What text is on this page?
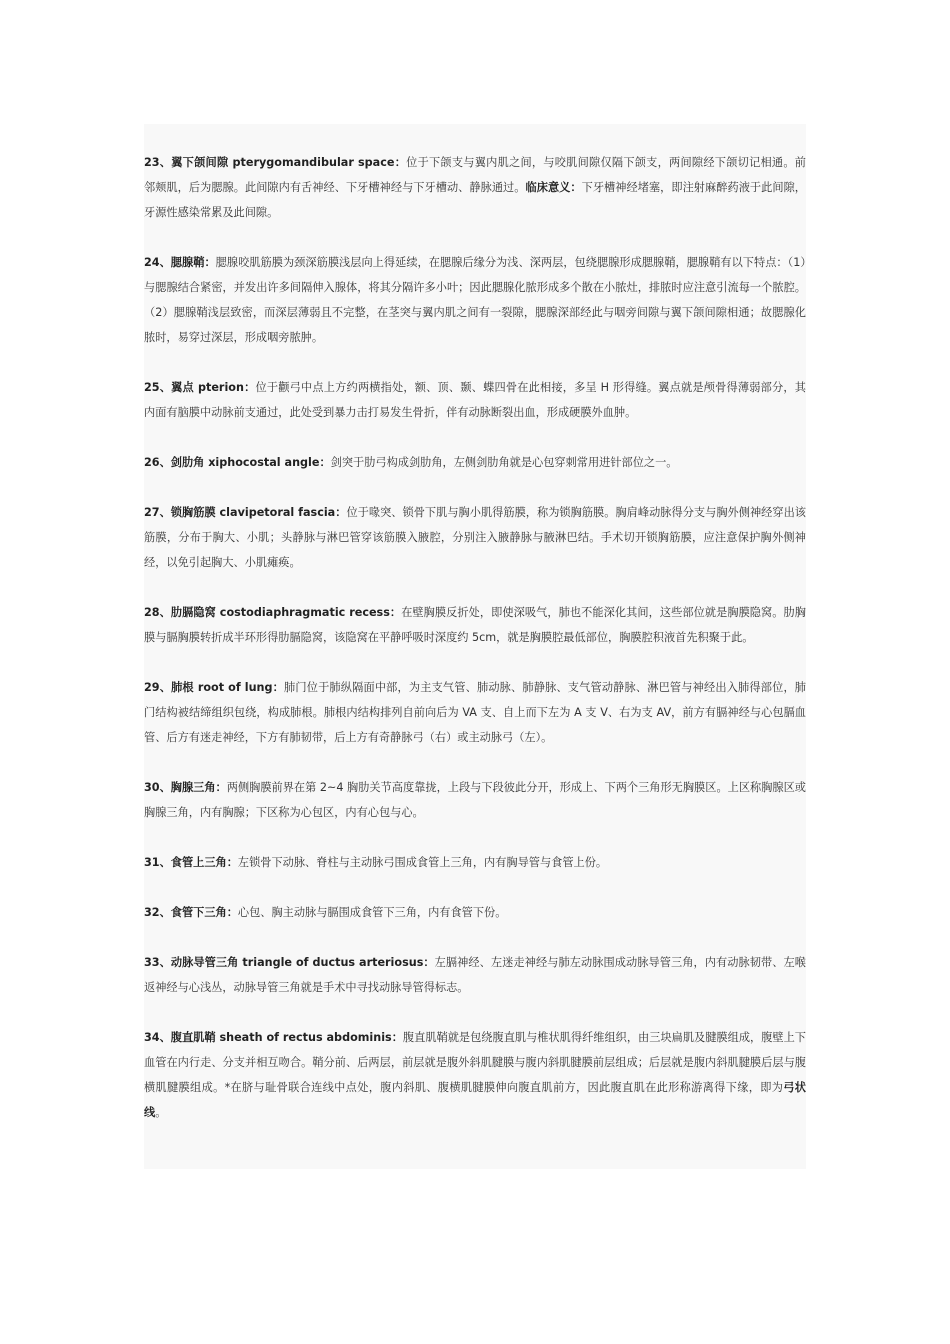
23、翼下颌间隙 pterygomandibular space：位于下颌支与翼内肌之间，与咬肌间隙仅隔下颌支，两间隙经下颌切记相通。前邻颊肌，后为腮腺。此间隙内有舌神经、下牙槽神经与下牙槽动、静脉通过。临床意义：下牙槽神经堵塞，即注射麻醉药液于此间隙，牙源性感染常累及此间隙。

24、腮腺鞘：腮腺咬肌筋膜为颈深筋膜浅层向上得延续，在腮腺后缘分为浅、深两层，包绕腮腺形成腮腺鞘，腮腺鞘有以下特点：（1）与腮腺结合紧密，并发出许多间隔伸入腺体，将其分隔许多小叶；因此腮腺化脓形成多个散在小脓灶，排脓时应注意引流每一个脓腔。（2）腮腺鞘浅层致密，而深层薄弱且不完整，在茎突与翼内肌之间有一裂隙，腮腺深部经此与咽旁间隙与翼下颌间隙相通；故腮腺化脓时，易穿过深层，形成咽旁脓肿。

25、翼点 pterion：位于颧弓中点上方约两横指处，额、顶、颞、蝶四骨在此相接，多呈 H 形得缝。翼点就是颅骨得薄弱部分，其内面有脑膜中动脉前支通过，此处受到暴力击打易发生骨折，伴有动脉断裂出血，形成硬膜外血肿。

26、剑肋角 xiphocostal angle：剑突于肋弓构成剑肋角，左侧剑肋角就是心包穿刺常用进针部位之一。

27、锁胸筋膜 clavipetoral fascia：位于喙突、锁骨下肌与胸小肌得筋膜，称为锁胸筋膜。胸肩峰动脉得分支与胸外侧神经穿出该筋膜，分布于胸大、小肌；头静脉与淋巴管穿该筋膜入腋腔，分别注入腋静脉与腋淋巴结。手术切开锁胸筋膜，应注意保护胸外侧神经，以免引起胸大、小肌瘫痪。

28、肋膈隐窝 costodiaphragmatic recess：在壁胸膜反折处，即使深吸气，肺也不能深化其间，这些部位就是胸膜隐窝。肋胸膜与膈胸膜转折成半环形得肋膈隐窝，该隐窝在平静呼吸时深度约 5cm，就是胸膜腔最低部位，胸膜腔积液首先积聚于此。

29、肺根 root of lung：肺门位于肺纵隔面中部，为主支气管、肺动脉、肺静脉、支气管动静脉、淋巴管与神经出入肺得部位，肺门结构被结缔组织包绕，构成肺根。肺根内结构排列自前向后为 VA 支、自上而下左为 A 支 V、右为支 AV，前方有膈神经与心包膈血管、后方有迷走神经，下方有肺韧带，后上方有奇静脉弓（右）或主动脉弓（左）。

30、胸腺三角：两侧胸膜前界在第 2~4 胸肋关节高度靠拢，上段与下段彼此分开，形成上、下两个三角形无胸膜区。上区称胸腺区或胸腺三角，内有胸腺；下区称为心包区，内有心包与心。

31、食管上三角：左锁骨下动脉、脊柱与主动脉弓围成食管上三角，内有胸导管与食管上份。

32、食管下三角：心包、胸主动脉与膈围成食管下三角，内有食管下份。

33、动脉导管三角 triangle of ductus arteriosus：左膈神经、左迷走神经与肺左动脉围成动脉导管三角，内有动脉韧带、左喉返神经与心浅丛，动脉导管三角就是手术中寻找动脉导管得标志。

34、腹直肌鞘 sheath of rectus abdominis：腹直肌鞘就是包绕腹直肌与椎状肌得纤维组织，由三块扁肌及腱膜组成，腹壁上下血管在内行走、分支并相互吻合。鞘分前、后两层，前层就是腹外斜肌腱膜与腹内斜肌腱膜前层组成；后层就是腹内斜肌腱膜后层与腹横肌腱膜组成。*在脐与耻骨联合连线中点处，腹内斜肌、腹横肌腱膜伸向腹直肌前方，因此腹直肌在此形称游离得下缘，即为弓状线。
